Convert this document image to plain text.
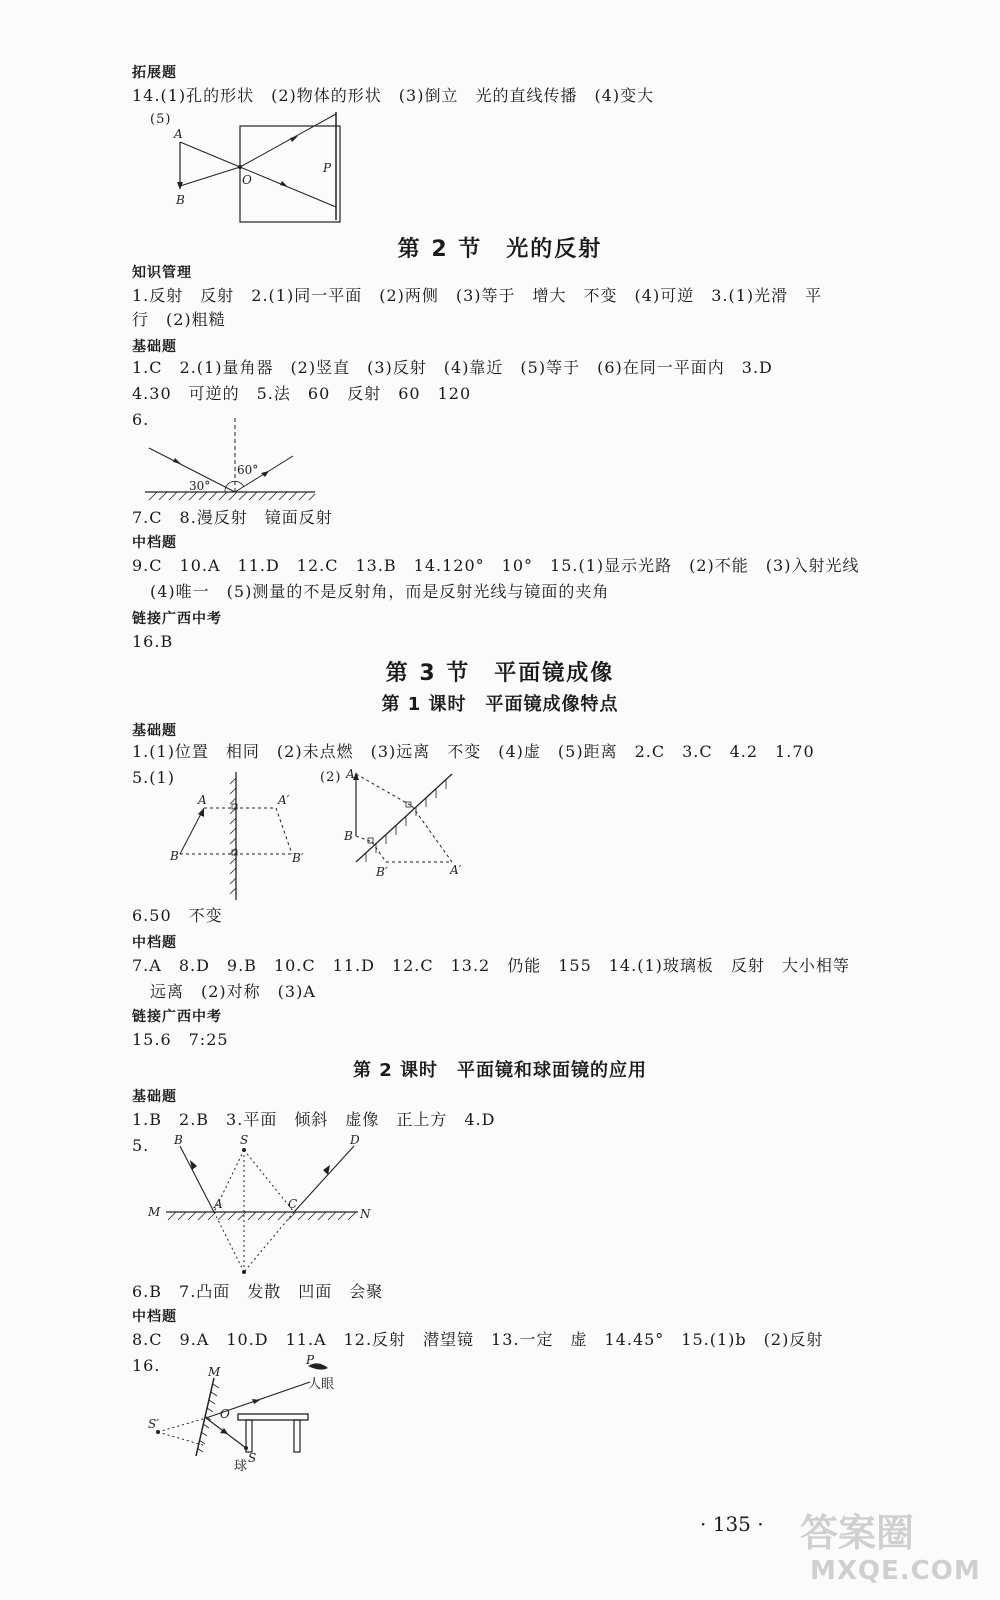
拓展题
14.(1)孔的形状　(2)物体的形状　(3)倒立　光的直线传播　(4)变大
(5)
A
B
O
P
第 2 节　光的反射
知识管理
1.反射　反射　2.(1)同一平面　(2)两侧　(3)等于　增大　不变　(4)可逆　3.(1)光滑　平
行　(2)粗糙
基础题
1.C　2.(1)量角器　(2)竖直　(3)反射　(4)靠近　(5)等于　(6)在同一平面内　3.D
4.30　可逆的　5.法　60　反射　60　120
6.
60°
30°
7.C　8.漫反射　镜面反射
中档题
9.C　10.A　11.D　12.C　13.B　14.120°　10°　15.(1)显示光路　(2)不能　(3)入射光线
(4)唯一　(5)测量的不是反射角，而是反射光线与镜面的夹角
链接广西中考
16.B
第 3 节　平面镜成像
第 1 课时　平面镜成像特点
基础题
1.(1)位置　相同　(2)未点燃　(3)远离　不变　(4)虚　(5)距离　2.C　3.C　4.2　1.70
5.(1)
A	A′
B	B′
(2) A
B
B′	A′
6.50　不变
中档题
7.A　8.D　9.B　10.C　11.D　12.C　13.2　仍能　155　14.(1)玻璃板　反射　大小相等
远离　(2)对称　(3)A
链接广西中考
15.6　7:25
第 2 课时　平面镜和球面镜的应用
基础题
1.B　2.B　3.平面　倾斜　虚像　正上方　4.D
5. B	S	D
A	C
M	N
6.B　7.凸面　发散　凹面　会聚
中档题
8.C　9.A　10.D　11.A　12.反射　潜望镜　13.一定　虚　14.45°　15.(1)b　(2)反射
16.	M
P
人眼
S′
O
S
球
· 135 · 答案圈
MXQE.COM
